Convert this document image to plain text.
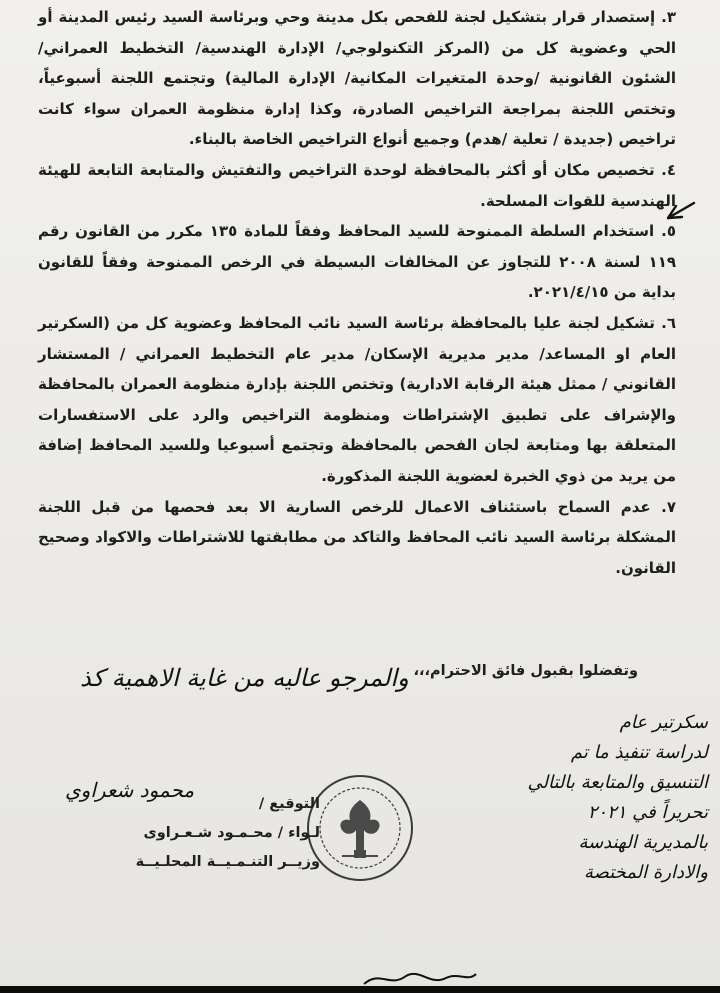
٣. إستصدار قرار بتشكيل لجنة للفحص بكل مدينة وحي وبرئاسة السيد رئيس المدينة أو الحي وعضوية كل من (المركز التكنولوجي/ الإدارة الهندسية/ التخطيط العمراني/ الشئون القانونية /وحدة المتغيرات المكانية/ الإدارة المالية) وتجتمع اللجنة أسبوعياً، وتختص اللجنة بمراجعة التراخيص الصادرة، وكذا إدارة منظومة العمران سواء كانت تراخيص (جديدة / تعلية /هدم) وجميع أنواع التراخيص الخاصة بالبناء.

٤. تخصيص مكان أو أكثر بالمحافظة لوحدة التراخيص والتفتيش والمتابعة التابعة للهيئة الهندسية للقوات المسلحة.

٥. استخدام السلطة الممنوحة للسيد المحافظ وفقاً للمادة ١٣٥ مكرر من القانون رقم ١١٩ لسنة ٢٠٠٨ للتجاوز عن المخالفات البسيطة في الرخص الممنوحة وفقاً للقانون بداية من ٢٠٢١/٤/١٥.

٦. تشكيل لجنة عليا بالمحافظة برئاسة السيد نائب المحافظ وعضوية كل من (السكرتير العام او المساعد/ مدير مديرية الإسكان/ مدير عام التخطيط العمراني / المستشار القانوني / ممثل هيئة الرقابة الادارية) وتختص اللجنة بإدارة منظومة العمران بالمحافظة والإشراف على تطبيق الإشتراطات ومنظومة التراخيص والرد على الاستفسارات المتعلقة بها ومتابعة لجان الفحص بالمحافظة وتجتمع أسبوعيا وللسيد المحافظ إضافة من يريد من ذوي الخبرة لعضوية اللجنة المذكورة.

٧. عدم السماح باستئناف الاعمال للرخص السارية الا بعد فحصها من قبل اللجنة المشكلة برئاسة السيد نائب المحافظ والتاكد من مطابقتها للاشتراطات والاكواد وصحيح القانون.

وتفضلوا بقبول فائق الاحترام،،،
والمرجو عاليه من غاية الاهمية كذ
سكرتير عام
لدراسة تنفيذ ما تم
التنسيق والمتابعة بالتالي
تحريراً في ٢٠٢١
بالمديرية الهندسة
والادارة المختصة
محمود شعراوي
التوقيع /
لـواء / محـمـود شـعـراوى
وزيــر التنـمـيــة المحلـيــة
